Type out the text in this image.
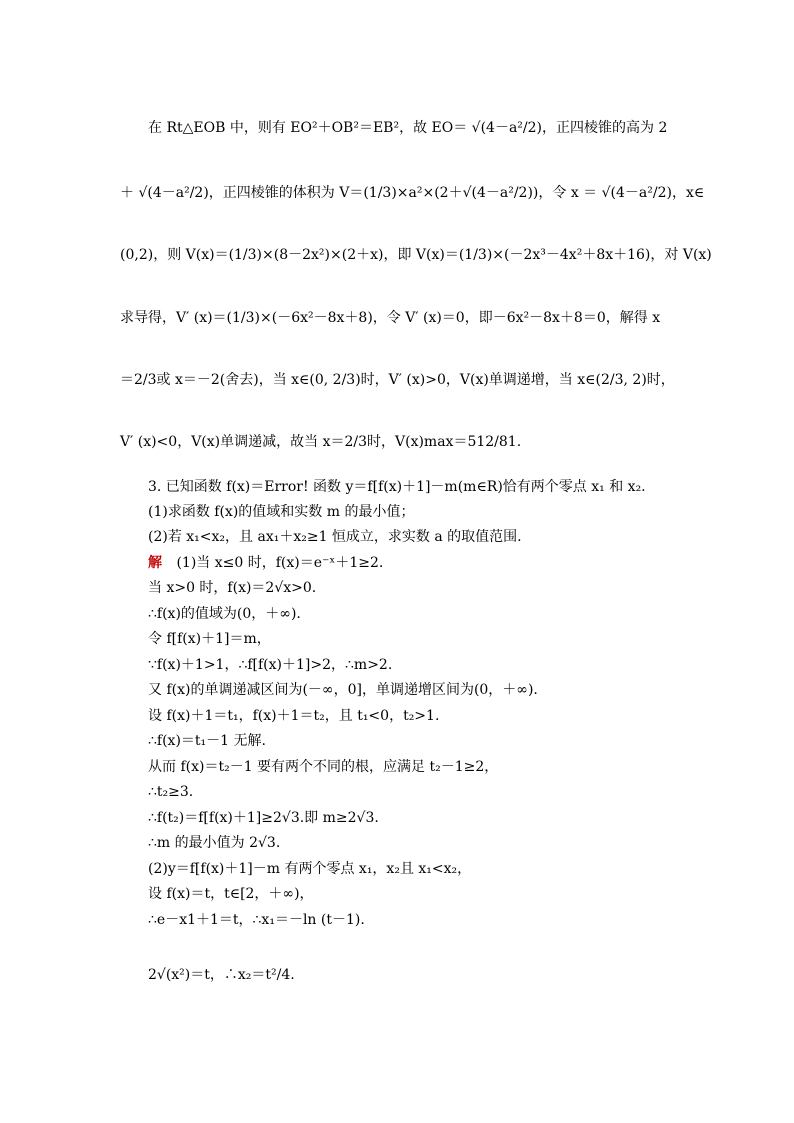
在 Rt△EOB 中，则有 EO²＋OB²＝EB²，故 EO＝ √(4－a²/2)，正四棱锥的高为 2
＋ √(4－a²/2)，正四棱锥的体积为 V＝(1/3)×a²×(2＋√(4－a²/2))，令 x ＝ √(4－a²/2)，x∈
(0,2)，则 V(x)＝(1/3)×(8－2x²)×(2＋x)，即 V(x)＝(1/3)×(－2x³－4x²＋8x＋16)，对 V(x)
求导得，V′ (x)＝(1/3)×(－6x²－8x＋8)，令 V′ (x)＝0，即－6x²－8x＋8＝0，解得 x
＝2/3或 x＝－2(舍去)，当 x∈(0, 2/3)时，V′ (x)>0，V(x)单调递增，当 x∈(2/3, 2)时，
V′ (x)<0，V(x)单调递减，故当 x＝2/3时，V(x)max＝512/81.
3. 已知函数 f(x)＝Error! 函数 y＝f[f(x)＋1]－m(m∈R)恰有两个零点 x₁ 和 x₂.
(1)求函数 f(x)的值域和实数 m 的最小值；
(2)若 x₁<x₂，且 ax₁＋x₂≥1 恒成立，求实数 a 的取值范围.
解 (1)当 x≤0 时，f(x)＝e⁻ˣ＋1≥2.
当 x>0 时，f(x)＝2√x>0.
∴f(x)的值域为(0，＋∞).
令 f[f(x)＋1]＝m，
∵f(x)＋1>1，∴f[f(x)＋1]>2，∴m>2.
又 f(x)的单调递减区间为(－∞，0]，单调递增区间为(0，＋∞).
设 f(x)＋1＝t₁，f(x)＋1＝t₂，且 t₁<0，t₂>1.
∴f(x)＝t₁－1 无解.
从而 f(x)＝t₂－1 要有两个不同的根，应满足 t₂－1≥2，
∴t₂≥3.
∴f(t₂)＝f[f(x)＋1]≥2√3.即 m≥2√3.
∴m 的最小值为 2√3.
(2)y＝f[f(x)＋1]－m 有两个零点 x₁，x₂且 x₁<x₂，
设 f(x)＝t，t∈[2，＋∞)，
∴e－x1＋1＝t，∴x₁＝－ln (t－1).
2√(x²)＝t，∴x₂＝t²/4.
